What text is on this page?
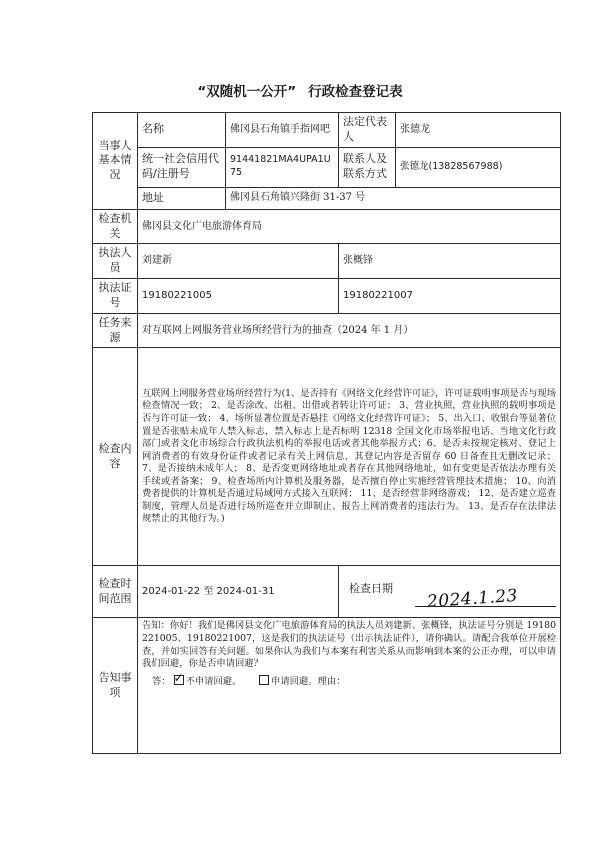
“双随机一公开” 行政检查登记表
当事人基本情况	名称	佛冈县石角镇手指网吧	法定代表人	张德龙
	统一社会信用代码/注册号	91441821MA4UPA1U75	联系人及联系方式	张德龙(13828567988)
	地址	佛冈县石角镇兴隆街 31-37 号		
检查机关	佛冈县文化广电旅游体育局			
执法人员	刘建新		张概锋	
执法证号	19180221005		19180221007	
任务来源	对互联网上网服务营业场所经营行为的抽查（2024 年 1 月）			
检查内容	互联网上网服务营业场所经营行为(1、是否持有《网络文化经营许可证》，许可证载明事项是否与现场检查情况一致； 2、是否涂改、出租、出借或者转让许可证； 3、营业执照，营业执照的载明事项是否与许可证一致； 4、场所显著位置是否悬挂《网络文化经营许可证》； 5、出入口、收银台等显著位置是否张贴未成年人禁入标志，禁入标志上是否标明 12318 全国文化市场举报电话、当地文化行政部门或者文化市场综合行政执法机构的举报电话或者其他举报方式；6、是否未按规定核对、登记上网消费者的有效身份证件或者记录有关上网信息，其登记内容是否留存 60 日备查且无删改记录； 7、是否接纳未成年人； 8、是否变更网络地址或者存在其他网络地址，如有变更是否依法办理有关手续或者备案； 9、检查场所内计算机及服务器，是否擅自停止实施经营管理技术措施； 10、向消费者提供的计算机是否通过局域网方式接入互联网； 11、是否经营非网络游戏； 12、是否建立巡查制度，管理人员是否进行场所巡查并立即制止、报告上网消费者的违法行为。 13、是否存在法律法规禁止的其他行为。)			
检查时间范围	2024-01-22 至 2024-01-31		检查日期 2024.1.23	

告知事项	告知：你好！我们是佛冈县文化广电旅游体育局的执法人员刘建新、张概锋，执法证号分别是 19180221005、19180221007，这是我们的执法证号（出示执法证件），请你确认。请配合我单位开展检查，并如实回答有关问题。如果你认为我们与本案有利害关系从而影响到本案的公正办理，可以申请我们回避，你是否申请回避？
答： ✓ 不申请回避。 申请回避。理由：
